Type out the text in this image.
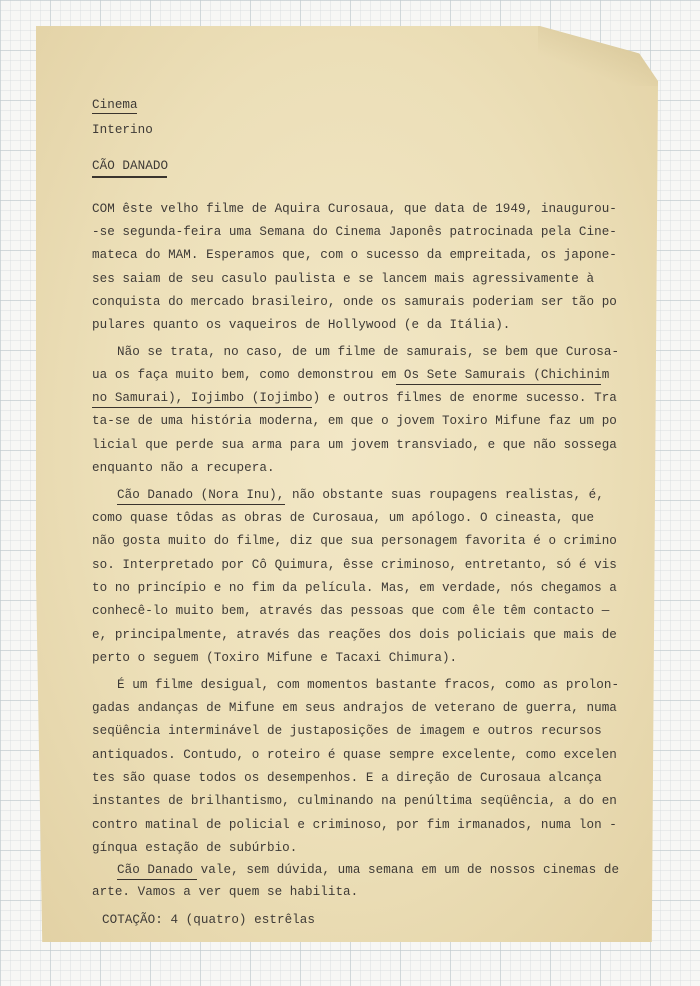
Cinema
Interino
CÃO DANADO
COM êste velho filme de Aquira Curosaua, que data de 1949, inaugurou-
-se segunda-feira uma Semana do Cinema Japonês patrocinada pela Cine-
mateca do MAM. Esperamos que, com o sucesso da empreitada, os japone-
ses saiam de seu casulo paulista e se lancem mais agressivamente à
conquista do mercado brasileiro, onde os samurais poderiam ser tão po
pulares quanto os vaqueiros de Hollywood (e da Itália).
Não se trata, no caso, de um filme de samurais, se bem que Curosa-
ua os faça muito bem, como demonstrou em Os Sete Samurais (Chichinim
no Samurai), Iojimbo (Iojimbo) e outros filmes de enorme sucesso. Tra
ta-se de uma história moderna, em que o jovem Toxiro Mifune faz um po
licial que perde sua arma para um jovem transviado, e que não sossega
enquanto não a recupera.
Cão Danado (Nora Inu), não obstante suas roupagens realistas, é,
como quase tôdas as obras de Curosaua, um apólogo. O cineasta, que
não gosta muito do filme, diz que sua personagem favorita é o crimino
so. Interpretado por Cô Quimura, êsse criminoso, entretanto, só é vis
to no princípio e no fim da película. Mas, em verdade, nós chegamos a
conhecê-lo muito bem, através das pessoas que com êle têm contacto —
e, principalmente, através das reações dos dois policiais que mais de
perto o seguem (Toxiro Mifune e Tacaxi Chimura).
É um filme desigual, com momentos bastante fracos, como as prolon-
gadas andanças de Mifune em seus andrajos de veterano de guerra, numa
seqüência interminável de justaposições de imagem e outros recursos
antiquados. Contudo, o roteiro é quase sempre excelente, como excelen
tes são quase todos os desempenhos. E a direção de Curosaua alcança
instantes de brilhantismo, culminando na penúltima seqüência, a do en
contro matinal de policial e criminoso, por fim irmanados, numa lon -
gínqua estação de subúrbio.
Cão Danado vale, sem dúvida, uma semana em um de nossos cinemas de
arte. Vamos a ver quem se habilita.
COTAÇÃO: 4 (quatro) estrêlas
